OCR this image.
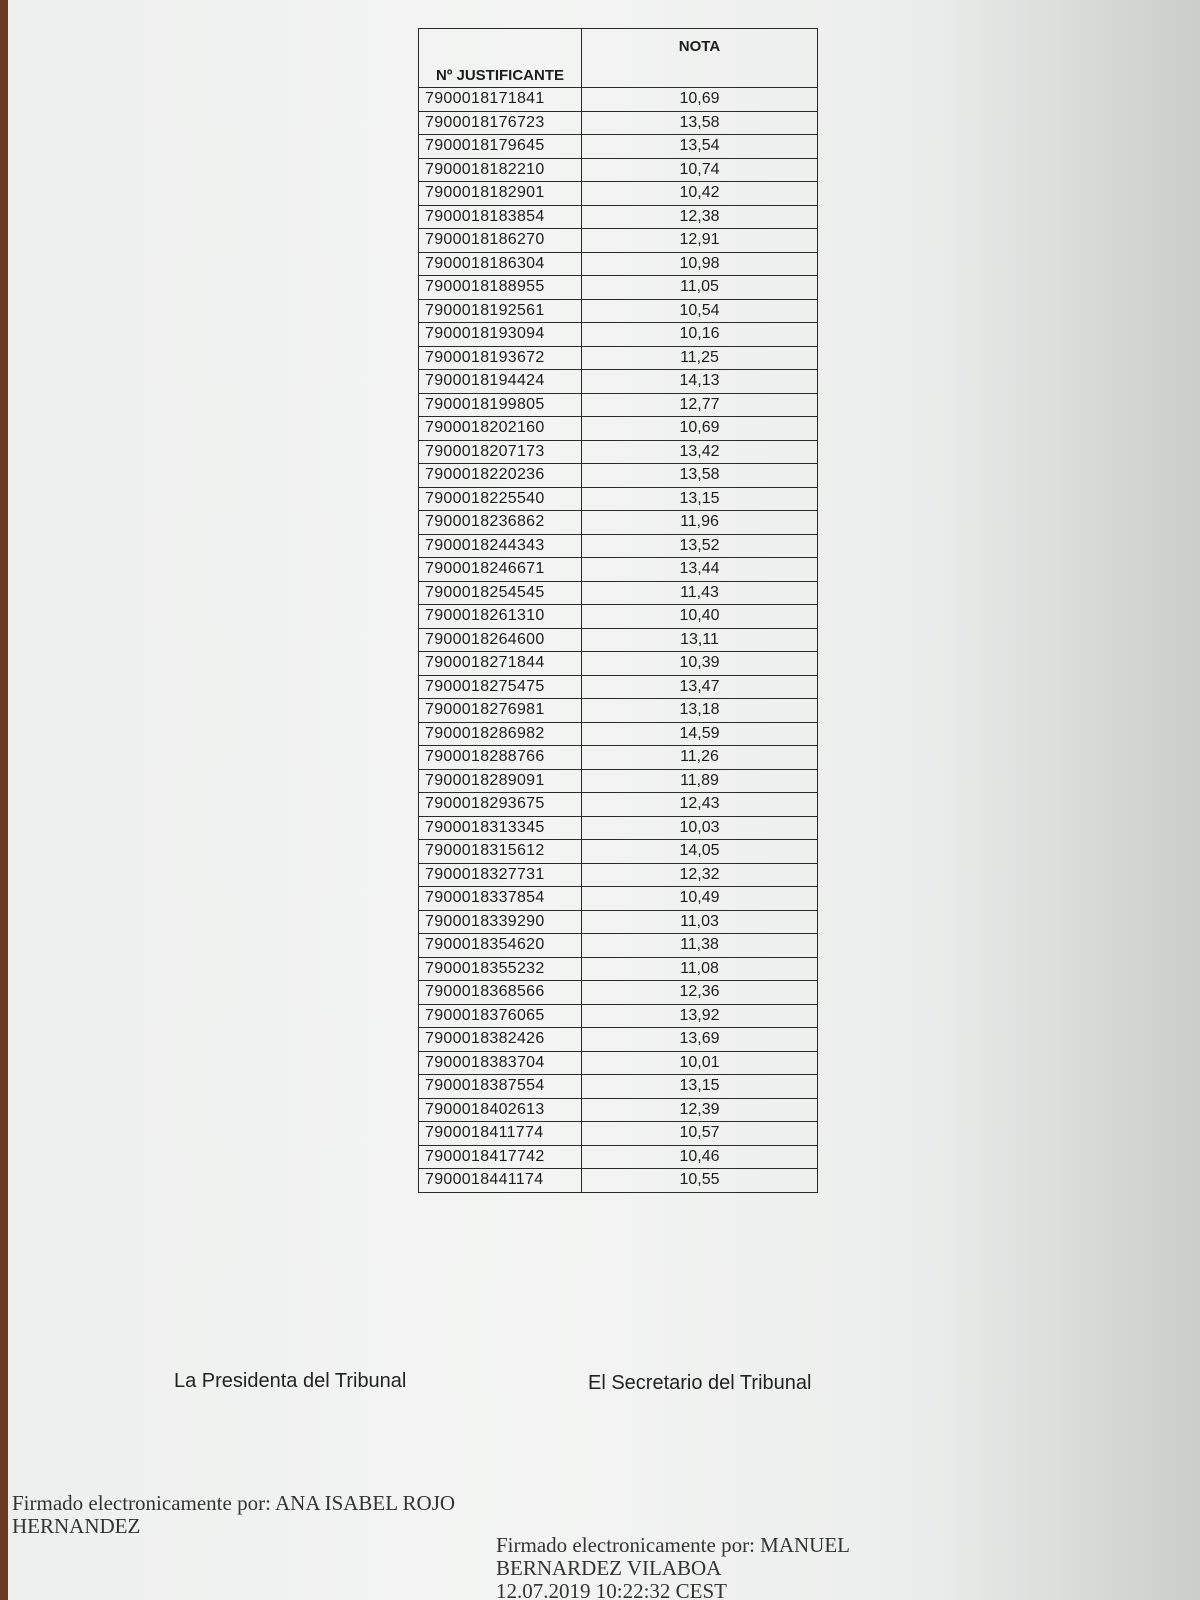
Nº JUSTIFICANTE	NOTA
7900018171841	10,69
7900018176723	13,58
7900018179645	13,54
7900018182210	10,74
7900018182901	10,42
7900018183854	12,38
7900018186270	12,91
7900018186304	10,98
7900018188955	11,05
7900018192561	10,54
7900018193094	10,16
7900018193672	11,25
7900018194424	14,13
7900018199805	12,77
7900018202160	10,69
7900018207173	13,42
7900018220236	13,58
7900018225540	13,15
7900018236862	11,96
7900018244343	13,52
7900018246671	13,44
7900018254545	11,43
7900018261310	10,40
7900018264600	13,11
7900018271844	10,39
7900018275475	13,47
7900018276981	13,18
7900018286982	14,59
7900018288766	11,26
7900018289091	11,89
7900018293675	12,43
7900018313345	10,03
7900018315612	14,05
7900018327731	12,32
7900018337854	10,49
7900018339290	11,03
7900018354620	11,38
7900018355232	11,08
7900018368566	12,36
7900018376065	13,92
7900018382426	13,69
7900018383704	10,01
7900018387554	13,15
7900018402613	12,39
7900018411774	10,57
7900018417742	10,46
7900018441174	10,55
La Presidenta del Tribunal	El Secretario del Tribunal
Firmado electronicamente por: ANA ISABEL ROJO
HERNANDEZ
Firmado electronicamente por: MANUEL
BERNARDEZ VILABOA
12.07.2019 10:22:32 CEST
